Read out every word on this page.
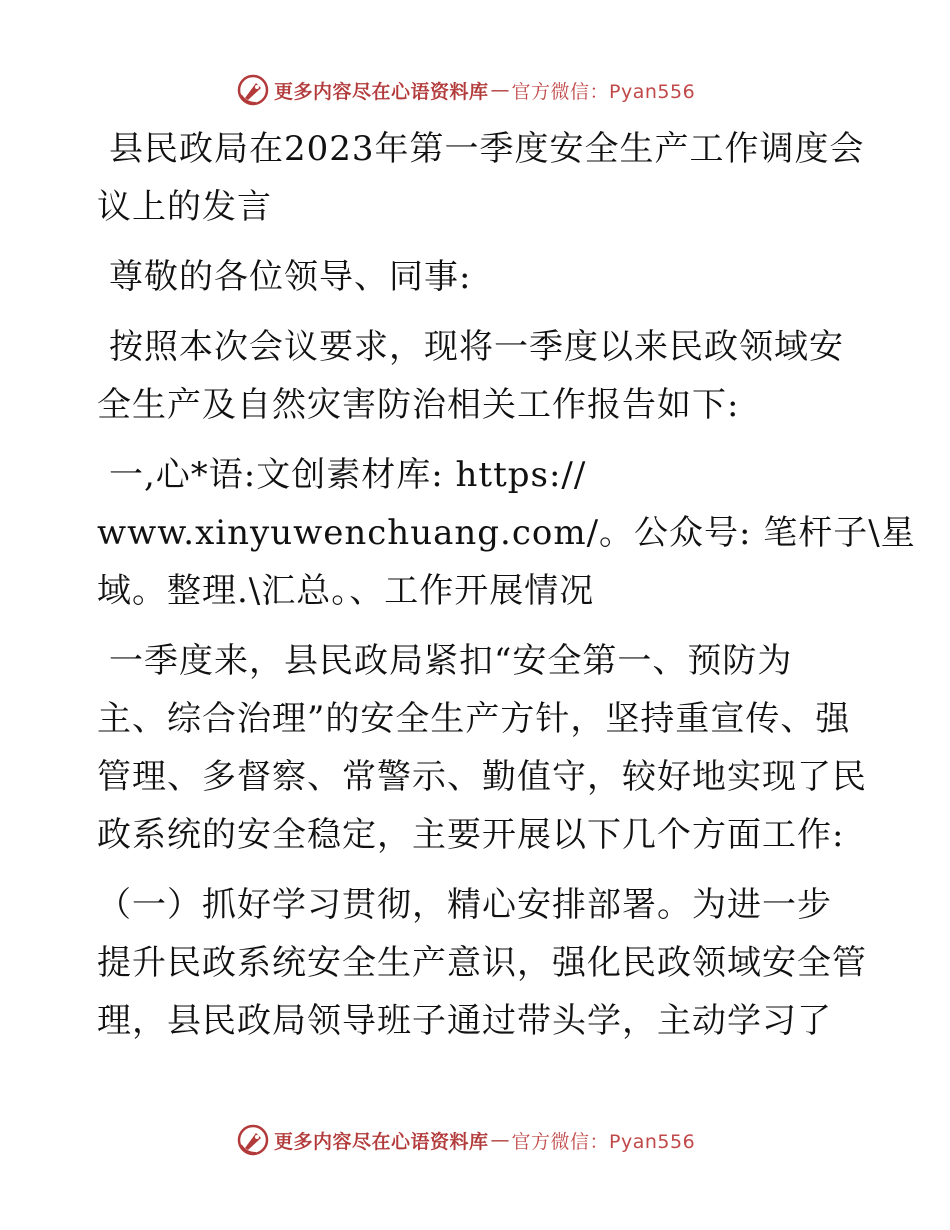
更多内容尽在心语资料库 — 官方微信：Pyan556
县民政局在2023年第一季度安全生产工作调度会
议上的发言
尊敬的各位领导、同事:
按照本次会议要求，现将一季度以来民政领域安
全生产及自然灾害防治相关工作报告如下:
一,心*语:文创素材库: https://
www.xinyuwenchuang.com/。公众号: 笔杆子\星
域。整理.\汇总。、工作开展情况
一季度来，县民政局紧扣“安全第一、预防为
主、综合治理”的安全生产方针，坚持重宣传、强
管理、多督察、常警示、勤值守，较好地实现了民
政系统的安全稳定，主要开展以下几个方面工作:
（一）抓好学习贯彻，精心安排部署。为进一步
提升民政系统安全生产意识，强化民政领域安全管
理，县民政局领导班子通过带头学，主动学习了
更多内容尽在心语资料库 — 官方微信：Pyan556
